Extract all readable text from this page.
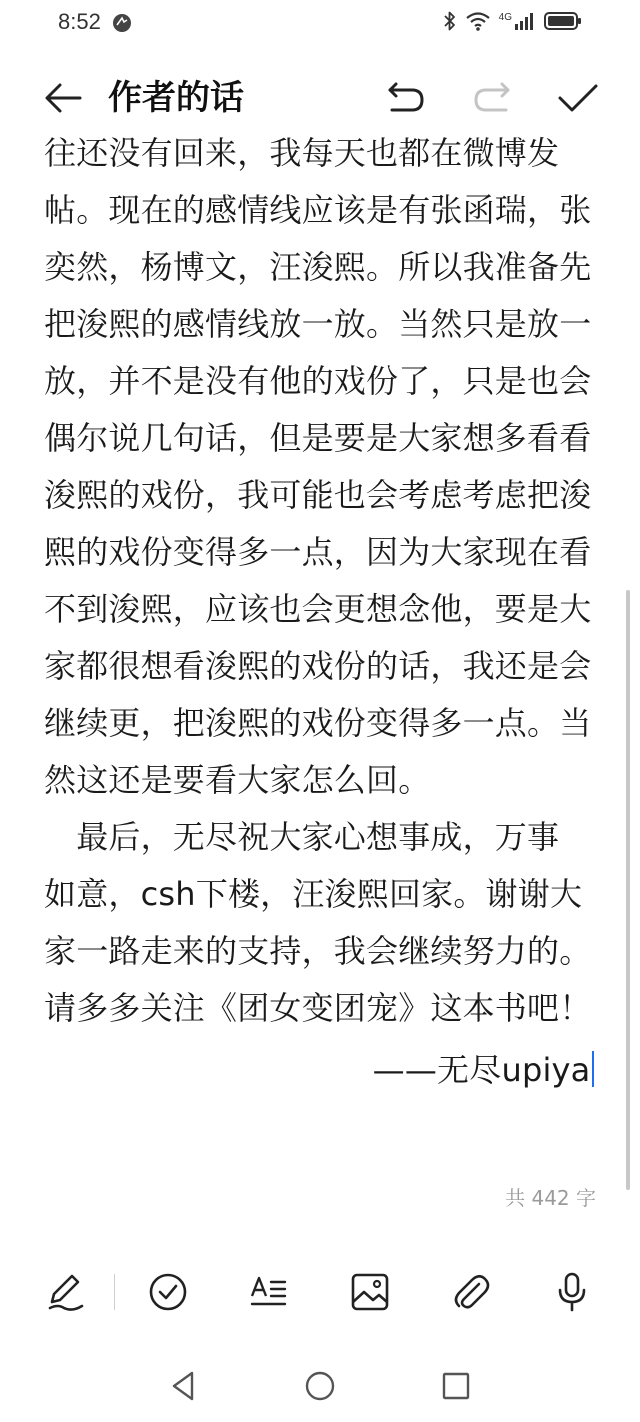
8:52	4G
作者的话
往还没有回来，我每天也都在微博发
帖。现在的感情线应该是有张函瑞，张
奕然，杨博文，汪浚熙。所以我准备先
把浚熙的感情线放一放。当然只是放一
放，并不是没有他的戏份了，只是也会
偶尔说几句话，但是要是大家想多看看
浚熙的戏份，我可能也会考虑考虑把浚
熙的戏份变得多一点，因为大家现在看
不到浚熙，应该也会更想念他，要是大
家都很想看浚熙的戏份的话，我还是会
继续更，把浚熙的戏份变得多一点。当
然这还是要看大家怎么回。
　最后，无尽祝大家心想事成，万事
如意，csh下楼，汪浚熙回家。谢谢大
家一路走来的支持，我会继续努力的。
请多多关注《团女变团宠》这本书吧！
——无尽upiya
共 442 字
